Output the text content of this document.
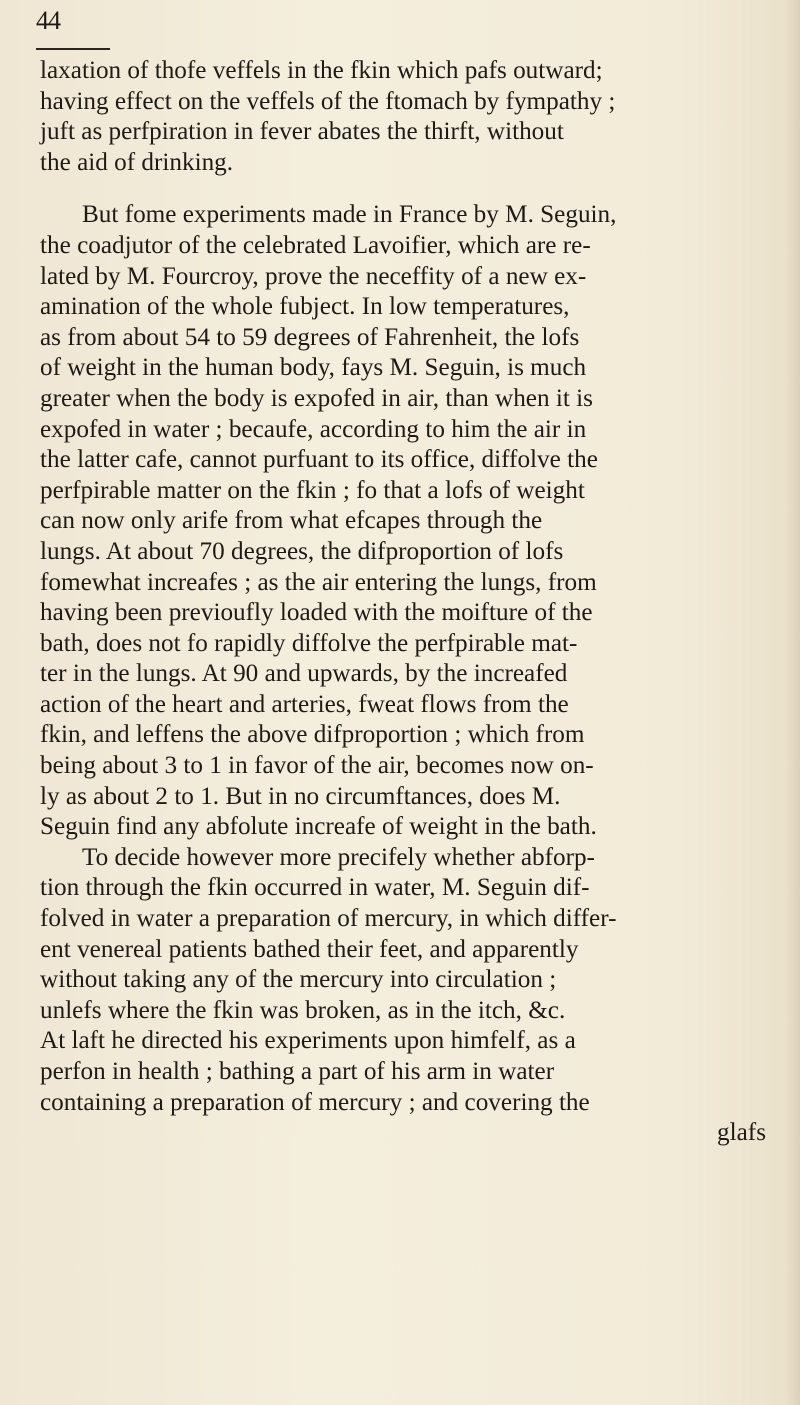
44

laxation of thofe veffels in the fkin which pafs outward;
having effect on the veffels of the ftomach by fympathy ;
juft as perfpiration in fever abates the thirft, without
the aid of drinking.

But fome experiments made in France by M. Seguin,
the coadjutor of the celebrated Lavoifier, which are re-
lated by M. Fourcroy, prove the neceffity of a new ex-
amination of the whole fubject. In low temperatures,
as from about 54 to 59 degrees of Fahrenheit, the lofs
of weight in the human body, fays M. Seguin, is much
greater when the body is expofed in air, than when it is
expofed in water ; becaufe, according to him the air in
the latter cafe, cannot purfuant to its office, diffolve the
perfpirable matter on the fkin ; fo that a lofs of weight
can now only arife from what efcapes through the
lungs. At about 70 degrees, the difproportion of lofs
fomewhat increafes ; as the air entering the lungs, from
having been previoufly loaded with the moifture of the
bath, does not fo rapidly diffolve the perfpirable mat-
ter in the lungs. At 90 and upwards, by the increafed
action of the heart and arteries, fweat flows from the
fkin, and leffens the above difproportion ; which from
being about 3 to 1 in favor of the air, becomes now on-
ly as about 2 to 1. But in no circumftances, does M.
Seguin find any abfolute increafe of weight in the bath.
To decide however more precifely whether abforp-
tion through the fkin occurred in water, M. Seguin dif-
folved in water a preparation of mercury, in which differ-
ent venereal patients bathed their feet, and apparently
without taking any of the mercury into circulation ;
unlefs where the fkin was broken, as in the itch, &c.
At laft he directed his experiments upon himfelf, as a
perfon in health ; bathing a part of his arm in water
containing a preparation of mercury ; and covering the

glafs
